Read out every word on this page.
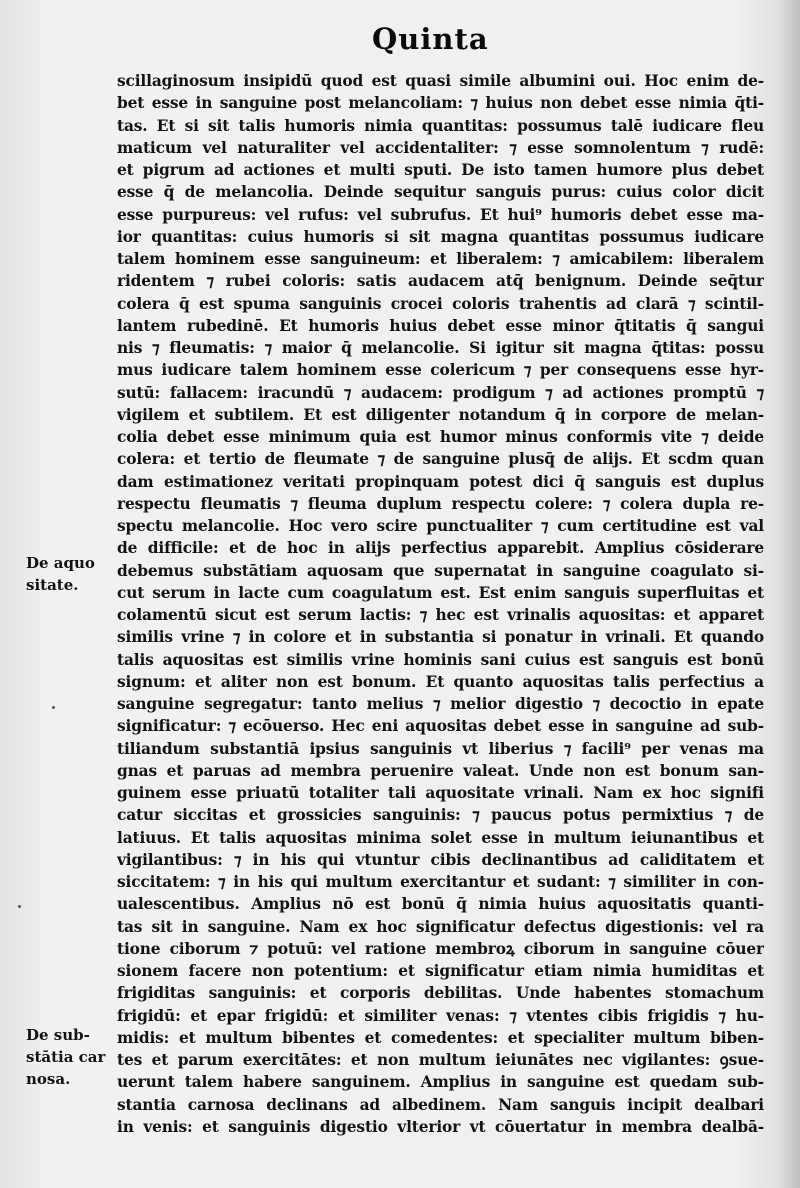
Quinta
scillaginosum insipidū quod est quasi simile albumini oui. Hoc enim de-
bet esse in sanguine post melancoliam: ⁊ huius non debet esse nimia q̄ti-
tas. Et si sit talis humoris nimia quantitas: possumus talē iudicare fleu
maticum vel naturaliter vel accidentaliter: ⁊ esse somnolentum ⁊ rudē:
et pigrum ad actiones et multi sputi. De isto tamen humore plus debet
esse q̄ de melancolia. Deinde sequitur sanguis purus: cuius color dicit
esse purpureus: vel rufus: vel subrufus. Et hui⁹ humoris debet esse ma-
ior quantitas: cuius humoris si sit magna quantitas possumus iudicare
talem hominem esse sanguineum: et liberalem: ⁊ amicabilem: liberalem
ridentem ⁊ rubei coloris: satis audacem atq̄ benignum. Deinde seq̄tur
colera q̄ est spuma sanguinis crocei coloris trahentis ad clarā ⁊ scintil-
lantem rubedinē. Et humoris huius debet esse minor q̄titatis q̄ sangui
nis ⁊ fleumatis: ⁊ maior q̄ melancolie. Si igitur sit magna q̄titas: possu
mus iudicare talem hominem esse colericum ⁊ per consequens esse hyr-
sutū: fallacem: iracundū ⁊ audacem: prodigum ⁊ ad actiones promptū ⁊
vigilem et subtilem. Et est diligenter notandum q̄ in corpore de melan-
colia debet esse minimum quia est humor minus conformis vite ⁊ deide
colera: et tertio de fleumate ⁊ de sanguine plusq̄ de alijs. Et scdm quan
dam estimationez veritati propinquam potest dici q̄ sanguis est duplus
respectu fleumatis ⁊ fleuma duplum respectu colere: ⁊ colera dupla re-
spectu melancolie. Hoc vero scire punctualiter ⁊ cum certitudine est val
de difficile: et de hoc in alijs perfectius apparebit. Amplius cōsiderare
debemus substātiam aquosam que supernatat in sanguine coagulato si-
cut serum in lacte cum coagulatum est. Est enim sanguis superfluitas et
colamentū sicut est serum lactis: ⁊ hec est vrinalis aquositas: et apparet
similis vrine ⁊ in colore et in substantia si ponatur in vrinali. Et quando
talis aquositas est similis vrine hominis sani cuius est sanguis est bonū
signum: et aliter non est bonum. Et quanto aquositas talis perfectius a
sanguine segregatur: tanto melius ⁊ melior digestio ⁊ decoctio in epate
significatur: ⁊ ecōuerso. Hec eni aquositas debet esse in sanguine ad sub-
tiliandum substantiā ipsius sanguinis vt liberius ⁊ facili⁹ per venas ma
gnas et paruas ad membra peruenire valeat. Unde non est bonum san-
guinem esse priuatū totaliter tali aquositate vrinali. Nam ex hoc signifi
catur siccitas et grossicies sanguinis: ⁊ paucus potus permixtius ⁊ de
latiuus. Et talis aquositas minima solet esse in multum ieiunantibus et
vigilantibus: ⁊ in his qui vtuntur cibis declinantibus ad caliditatem et
siccitatem: ⁊ in his qui multum exercitantur et sudant: ⁊ similiter in con-
ualescentibus. Amplius nō est bonū q̄ nimia huius aquositatis quanti-
tas sit in sanguine. Nam ex hoc significatur defectus digestionis: vel ra
tione ciborum ⁊ potuū: vel ratione membroꝝ ciborum in sanguine cōuer
sionem facere non potentium: et significatur etiam nimia humiditas et
frigiditas sanguinis: et corporis debilitas. Unde habentes stomachum
frigidū: et epar frigidū: et similiter venas: ⁊ vtentes cibis frigidis ⁊ hu-
midis: et multum bibentes et comedentes: et specialiter multum biben-
tes et parum exercitātes: et non multum ieiunātes nec vigilantes: ꝯsue-
uerunt talem habere sanguinem. Amplius in sanguine est quedam sub-
stantia carnosa declinans ad albedinem. Nam sanguis incipit dealbari
in venis: et sanguinis digestio vlterior vt cōuertatur in membra dealbā-
De aquo
sitate.
De sub-
stātia car
nosa.
